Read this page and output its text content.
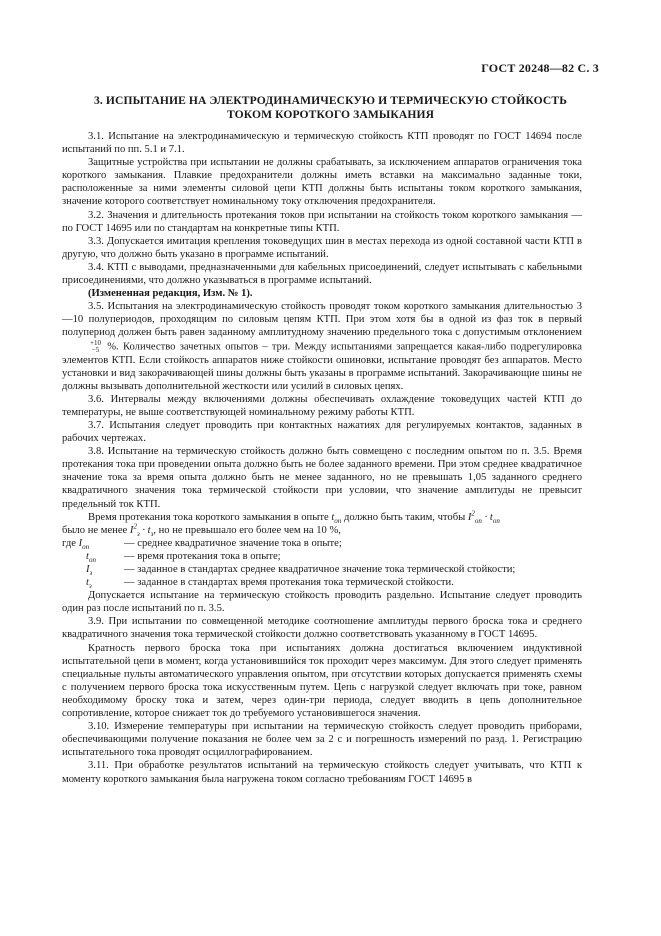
ГОСТ 20248—82 С. 3
3. ИСПЫТАНИЕ НА ЭЛЕКТРОДИНАМИЧЕСКУЮ И ТЕРМИЧЕСКУЮ СТОЙКОСТЬ
ТОКОМ КОРОТКОГО ЗАМЫКАНИЯ

3.1. Испытание на электродинамическую и термическую стойкость КТП проводят по ГОСТ 14694 после испытаний по пп. 5.1 и 7.1.

Защитные устройства при испытании не должны срабатывать, за исключением аппаратов ограничения тока короткого замыкания. Плавкие предохранители должны иметь вставки на максимально заданные токи, расположенные за ними элементы силовой цепи КТП должны быть испытаны током короткого замыкания, значение которого соответствует номинальному току отключения предохранителя.

3.2. Значения и длительность протекания токов при испытании на стойкость током короткого замыкания — по ГОСТ 14695 или по стандартам на конкретные типы КТП.

3.3. Допускается имитация крепления токоведущих шин в местах перехода из одной составной части КТП в другую, что должно быть указано в программе испытаний.

3.4. КТП с выводами, предназначенными для кабельных присоединений, следует испытывать с кабельными присоединениями, что должно указываться в программе испытаний.

(Измененная редакция, Изм. № 1).

3.5. Испытания на электродинамическую стойкость проводят током короткого замыкания длительностью 3—10 полупериодов, проходящим по силовым цепям КТП. При этом хотя бы в одной из фаз ток в первый полупериод должен быть равен заданному амплитудному значению предельного тока с допустимым отклонением
+10
−5 %. Количество зачетных опытов – три. Между испытаниями запрещается какая-либо подрегулировка элементов КТП. Если стойкость аппаратов ниже стойкости ошиновки, испытание проводят без аппаратов. Место установки и вид закорачивающей шины должны быть указаны в программе испытаний. Закорачивающие шины не должны вызывать дополнительной жесткости или усилий в силовых цепях.

3.6. Интервалы между включениями должны обеспечивать охлаждение токоведущих частей КТП до температуры, не выше соответствующей номинальному режиму работы КТП.

3.7. Испытания следует проводить при контактных нажатиях для регулируемых контактов, заданных в рабочих чертежах.

3.8. Испытание на термическую стойкость должно быть совмещено с последним опытом по п. 3.5. Время протекания тока при проведении опыта должно быть не более заданного времени. При этом среднее квадратичное значение тока за время опыта должно быть не менее заданного, но не превышать 1,05 заданного среднего квадратичного значения тока термической стойкости при условии, что значение амплитуды не превысит предельный ток КТП.

Время протекания тока короткого замыкания в опыте $t_{оп}$ должно быть таким, чтобы $I^2_{оп} \cdot t_{оп}$

было не менее $I^2_з \cdot t_з$, но не превышало его более чем на 10 %,

где $I_{оп}$	— среднее квадратичное значение тока в опыте;
$t_{оп}$	— время протекания тока в опыте;
$I_з$	— заданное в стандартах среднее квадратичное значение тока термической стойкости;
$t_з$	— заданное в стандартах время протекания тока термической стойкости.

Допускается испытание на термическую стойкость проводить раздельно. Испытание следует проводить один раз после испытаний по п. 3.5.

3.9. При испытании по совмещенной методике соотношение амплитуды первого броска тока и среднего квадратичного значения тока термической стойкости должно соответствовать указанному в ГОСТ 14695.

Кратность первого броска тока при испытаниях должна достигаться включением индуктивной испытательной цепи в момент, когда установившийся ток проходит через максимум. Для этого следует применять специальные пульты автоматического управления опытом, при отсутствии которых допускается применять схемы с получением первого броска тока искусственным путем. Цепь с нагрузкой следует включать при токе, равном необходимому броску тока и затем, через один-три периода, следует вводить в цепь дополнительное сопротивление, которое снижает ток до требуемого установившегося значения.

3.10. Измерение температуры при испытании на термическую стойкость следует проводить приборами, обеспечивающими получение показания не более чем за 2 с и погрешность измерений по разд. 1. Регистрацию испытательного тока проводят осциллографированием.

3.11. При обработке результатов испытаний на термическую стойкость следует учитывать, что КТП к моменту короткого замыкания была нагружена током согласно требованиям ГОСТ 14695 в
